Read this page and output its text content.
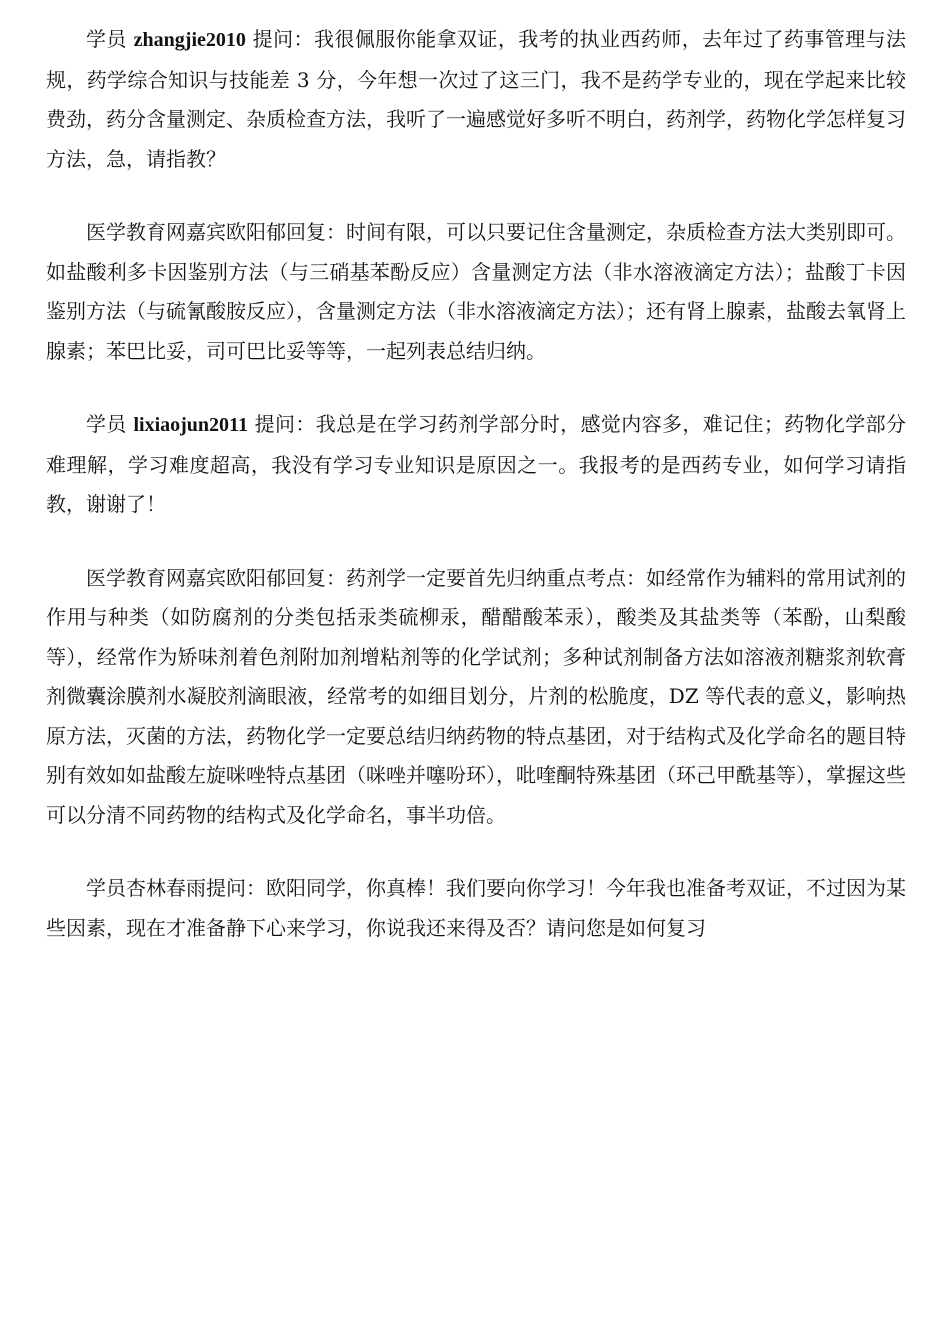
学员 zhangjie2010 提问：我很佩服你能拿双证，我考的执业西药师，去年过了药事管理与法规，药学综合知识与技能差 3 分，今年想一次过了这三门，我不是药学专业的，现在学起来比较费劲，药分含量测定、杂质检查方法，我听了一遍感觉好多听不明白，药剂学，药物化学怎样复习方法，急，请指教？

医学教育网嘉宾欧阳郁回复：时间有限，可以只要记住含量测定，杂质检查方法大类别即可。如盐酸利多卡因鉴别方法（与三硝基苯酚反应）含量测定方法（非水溶液滴定方法）；盐酸丁卡因鉴别方法（与硫氰酸胺反应），含量测定方法（非水溶液滴定方法）；还有肾上腺素，盐酸去氧肾上腺素；苯巴比妥，司可巴比妥等等，一起列表总结归纳。

学员 lixiaojun2011 提问：我总是在学习药剂学部分时，感觉内容多，难记住；药物化学部分难理解，学习难度超高，我没有学习专业知识是原因之一。我报考的是西药专业，如何学习请指教，谢谢了！

医学教育网嘉宾欧阳郁回复：药剂学一定要首先归纳重点考点：如经常作为辅料的常用试剂的作用与种类（如防腐剂的分类包括汞类硫柳汞，醋醋酸苯汞），酸类及其盐类等（苯酚，山梨酸等），经常作为矫味剂着色剂附加剂增粘剂等的化学试剂；多种试剂制备方法如溶液剂糖浆剂软膏剂微囊涂膜剂水凝胶剂滴眼液，经常考的如细目划分，片剂的松脆度，DZ 等代表的意义，影响热原方法，灭菌的方法，药物化学一定要总结归纳药物的特点基团，对于结构式及化学命名的题目特别有效如如盐酸左旋咪唑特点基团（咪唑并噻吩环），吡喹酮特殊基团（环己甲酰基等），掌握这些可以分清不同药物的结构式及化学命名，事半功倍。

学员杏林春雨提问：欧阳同学，你真棒！我们要向你学习！今年我也准备考双证，不过因为某些因素，现在才准备静下心来学习，你说我还来得及否？请问您是如何复习
